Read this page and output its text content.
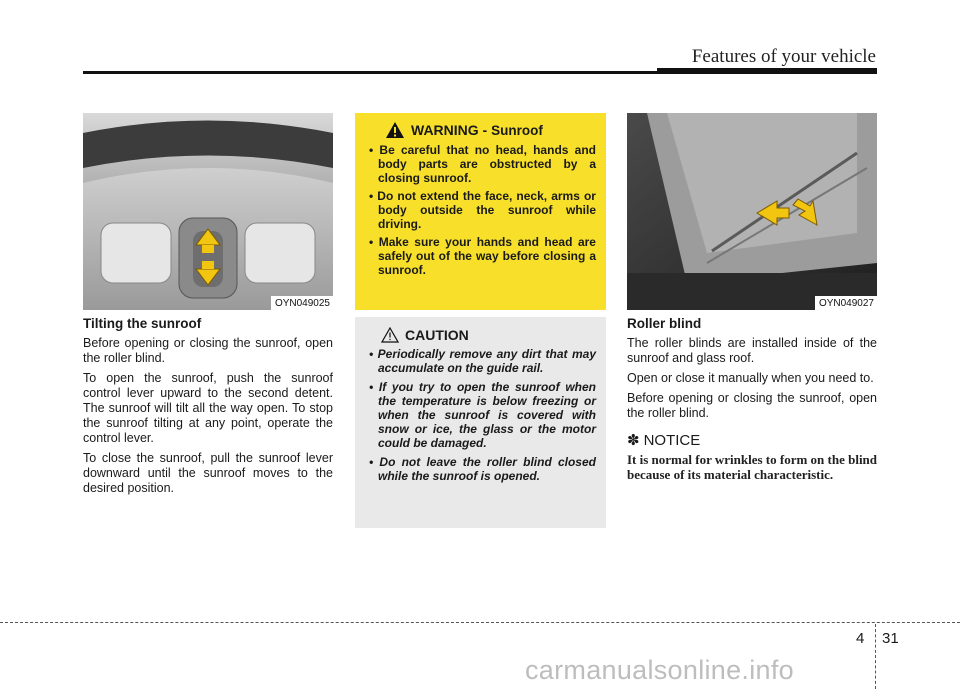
Features of your vehicle
OYN049025	OYN049027
Tilting the sunroof

Before opening or closing the sunroof, open the roller blind.

To open the sunroof, push the sunroof control lever upward to the second detent. The sunroof will tilt all the way open. To stop the sunroof tilting at any point, operate the control lever.

To close the sunroof, pull the sunroof lever downward until the sunroof moves to the desired position.

WARNING - Sunroof
• Be careful that no head, hands and body parts are obstructed by a closing sunroof.
• Do not extend the face, neck, arms or body outside the sunroof while driving.
• Make sure your hands and head are safely out of the way before closing a sunroof.
CAUTION
• Periodically remove any dirt that may accumulate on the guide rail.
• If you try to open the sunroof when the temperature is below freezing or when the sunroof is covered with snow or ice, the glass or the motor could be damaged.
• Do not leave the roller blind closed while the sunroof is opened.
Roller blind

The roller blinds are installed inside of the sunroof and glass roof.

Open or close it manually when you need to.

Before opening or closing the sunroof, open the roller blind.

✽ NOTICE

It is normal for wrinkles to form on the blind because of its material characteristic.

4 31
carmanualsonline.info
